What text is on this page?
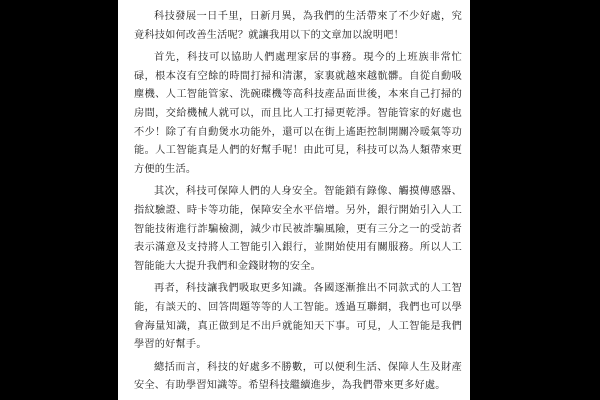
科技發展一日千里，日新月異，為我們的生活帶來了不少好處，究竟科技如何改善生活呢？就讓我用以下的文章加以說明吧！

首先，科技可以協助人們處理家居的事務。現今的上班族非常忙碌，根本沒有空餘的時間打掃和清潔，家裏就越來越骯髒。自從自動吸塵機、人工智能管家、洗碗碟機等高科技產品面世後，本來自己打掃的房間，交給機械人就可以，而且比人工打掃更乾淨。智能管家的好處也不少！除了有自動煲水功能外，還可以在街上遙距控制開關冷暖氣等功能。人工智能真是人們的好幫手呢！由此可見，科技可以為人類帶來更方便的生活。

其次，科技可保障人們的人身安全。智能鎖有錄像、觸摸傳感器、指紋驗證、時卡等功能，保障安全水平倍增。另外，銀行開始引入人工智能技術進行詐騙檢測，減少市民被詐騙風險，更有三分之一的受訪者表示滿意及支持將人工智能引入銀行，並開始使用有關服務。所以人工智能能大大提升我們和金錢財物的安全。

再者，科技讓我們吸取更多知識。各國逐漸推出不同款式的人工智能，有談天的、回答問題等等的人工智能。透過互聯網，我們也可以學會海量知識，真正做到足不出戶就能知天下事。可見，人工智能是我們學習的好幫手。

總括而言，科技的好處多不勝數，可以便利生活、保障人生及財產安全、有助學習知識等。希望科技繼續進步，為我們帶來更多好處。
